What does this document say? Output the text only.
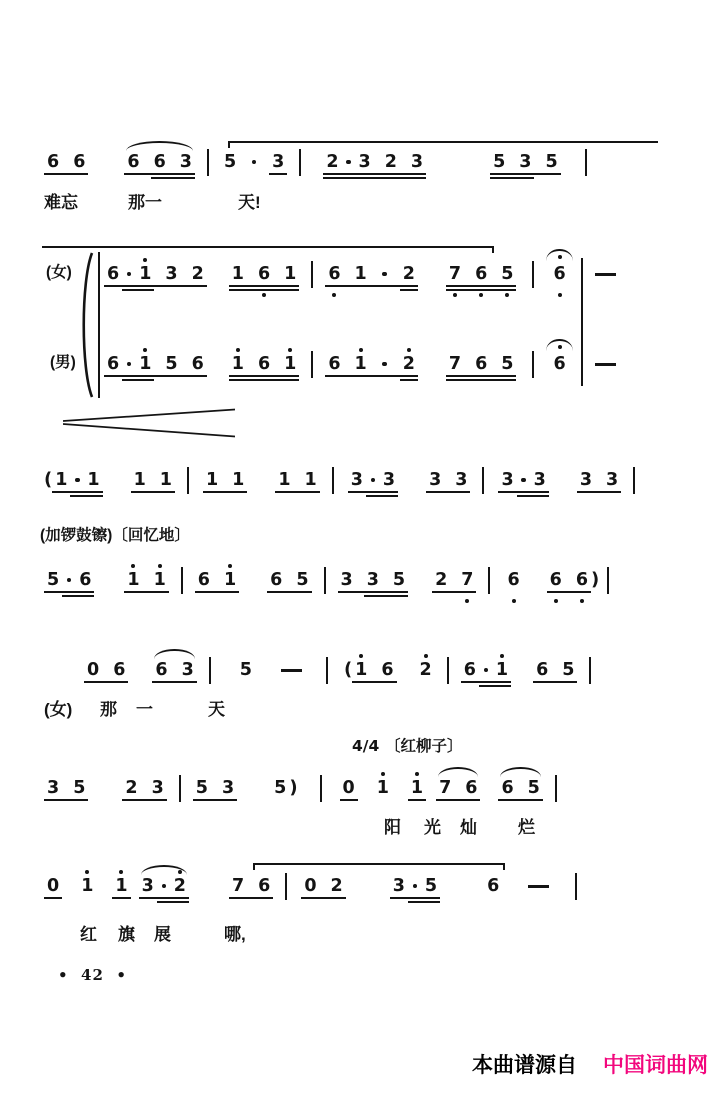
6
6 6
6
3 5

3 2 3
2
3	5
3
5
6 1
3
2 1
6
1 6
1

2 7
6
5 6
6 1
5
6 1
6
1 6
1

2 7
6
5 6
( 1 1 1
1 1
1 1
1 3 3 3
3 3 3 3
3
5 6 1
1 6
1 6
5 3
3
5 2
7 6 6
6 )
0
6 6
3	5	( 1
6 2 6 1 6
5
3
5 2
3 5
3 5 )	0 1 1 7
6 6
5
0 1 1 3 2	7
6 0
2	3 5	6
难忘	那一	天!
(女)
(男)
(加锣鼓镲)〔回忆地〕
(女) 那 一	天
4/4 〔红柳子〕
阳 光 灿 烂
红 旗 展	哪,
•  42  •

本曲谱源自 中国词曲网
